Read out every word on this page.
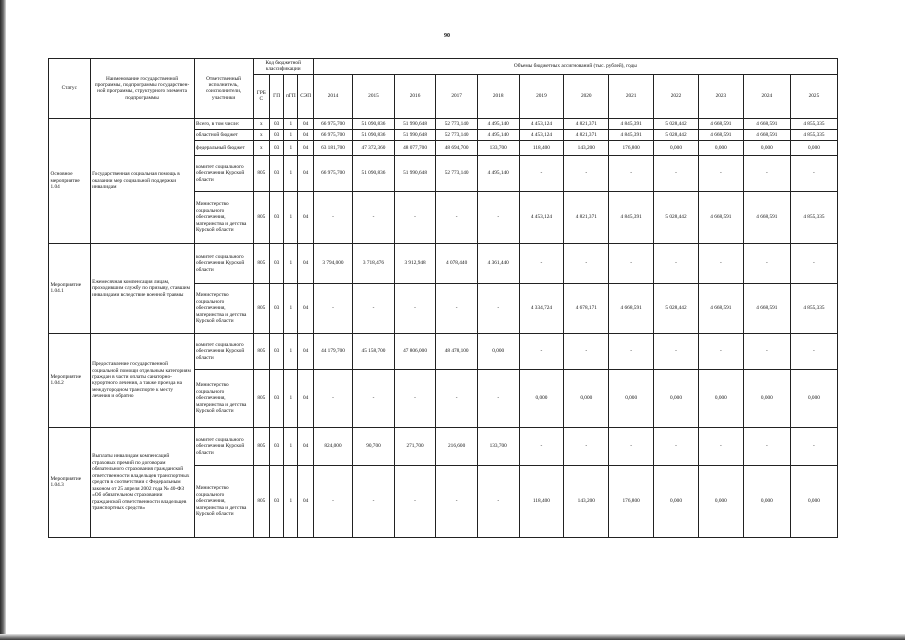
90
Статус	Наименование государственной программы, подпрограммы государствен-ной программы, структурного элемента подпрограммы	Ответственный исполнитель, соисполнители, участники	Код бюджетной классификации				Объемы бюджетных ассигнований (тыс. рублей), годы											
			ГРБС	ГП	пГП	СЭП	2014	2015	2016	2017	2018	2019	2020	2021	2022	2023	2024	2025
Основное мероприятие 1.04	Государственная социальная помощь в оказании мер социальной поддержки инвалидам	Всего, в том числе:	х	03	1	04	66 975,700	51 090,836	51 990,648	52 773,140	4 495,140	4 453,124	4 821,371	4 845,391	5 028,442	4 668,591	4 668,591	4 855,335
		областной бюджет	х	03	1	04	66 975,700	51 090,836	51 990,648	52 773,140	4 495,140	4 453,124	4 821,371	4 845,391	5 028,442	4 668,591	4 668,591	4 855,335
		федеральный бюджет	х	03	1	04	63 181,700	47 372,360	48 077,700	48 694,700	133,700	118,400	143,200	176,800	0,000	0,000	0,000	0,000
		комитет социального обеспечения Курской области	805	03	1	04	66 975,700	51 090,836	51 990,648	52 773,140	4 495,140	-	-	-	-	-	-	-
		Министерство социального обеспечения, материнства и детства Курской области	805	03	1	04	-	-	-	-	-	4 453,124	4 821,371	4 845,391	5 028,442	4 668,591	4 668,591	4 855,335
Мероприятие 1.04.1	Ежемесячная компенсация лицам, проходившим службу по призыву, ставшим инвалидами вследствие военной травмы	комитет социального обеспечения Курской области	805	03	1	04	3 794,000	3 718,476	3 912,948	4 078,440	4 361,440	-	-	-	-	-	-	-
		Министерство социального обеспечения, материнства и детства Курской области	805	03	1	04	-	-	-	-	-	4 334,724	4 678,171	4 668,591	5 028,442	4 668,591	4 668,591	4 855,335
Мероприятие 1.04.2	Предоставление государственной социальной помощи отдельным категориям граждан в части оплаты санаторно-курортного лечения, а также проезда на междугородном транспорте к месту лечения и обратно	комитет социального обеспечения Курской области	805	03	1	04	44 179,700	45 158,700	47 806,000	48 478,100	0,000	-	-	-	-	-	-	-
		Министерство социального обеспечения, материнства и детства Курской области	805	03	1	04	-	-	-	-	-	0,000	0,000	0,000	0,000	0,000	0,000	0,000
Мероприятие 1.04.3	Выплаты инвалидам компенсаций страховых премий по договорам обязательного страхования гражданской ответственности владельцев транспортных средств в соответствии с Федеральным законом от 25 апреля 2002 года № 40-ФЗ «Об обязательном страховании гражданской ответственности владельцев транспортных средств»	комитет социального обеспечения Курской области	805	03	1	04	824,000	90,700	271,700	216,600	133,700	-	-	-	-	-	-	-
		Министерство социального обеспечения, материнства и детства Курской области	805	03	1	04	-	-	-	-	-	118,400	143,200	176,800	0,000	0,000	0,000	0,000
